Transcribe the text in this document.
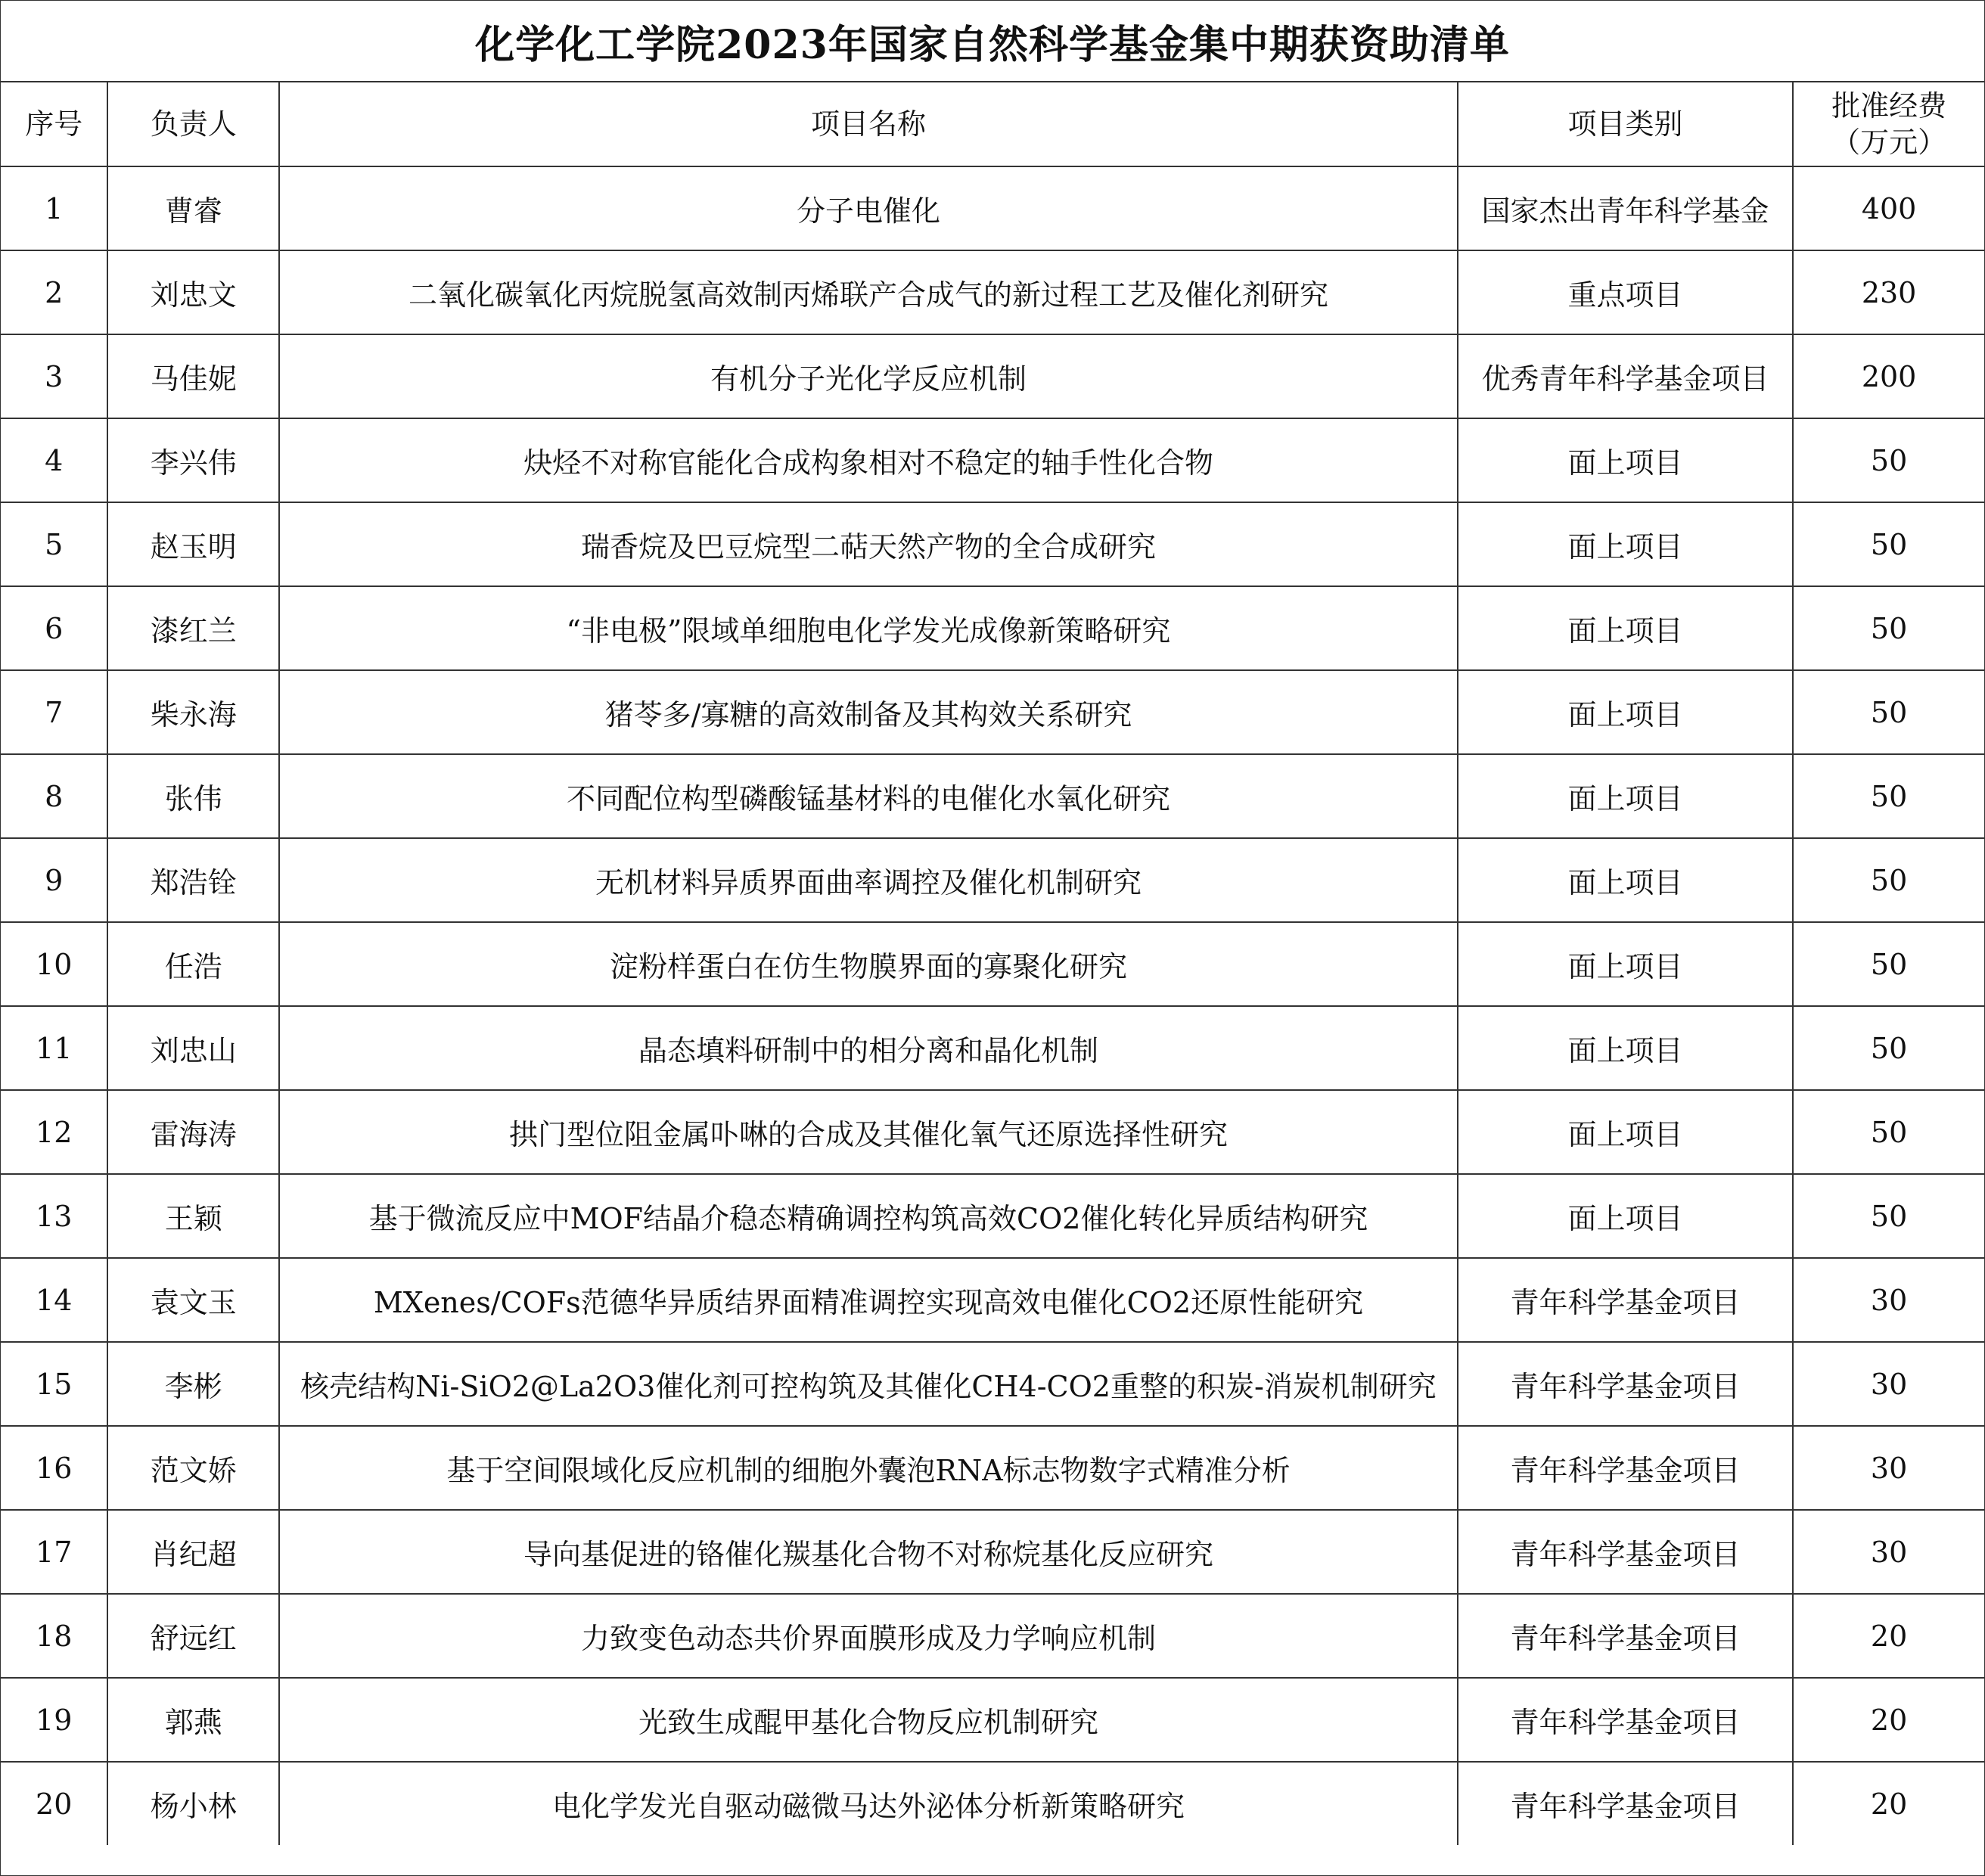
化学化工学院2023年国家自然科学基金集中期获资助清单
序号	负责人	项目名称	项目类别	批准经费
（万元）

1	曹睿	分子电催化	国家杰出青年科学基金	400
2	刘忠文	二氧化碳氧化丙烷脱氢高效制丙烯联产合成气的新过程工艺及催化剂研究	重点项目	230
3	马佳妮	有机分子光化学反应机制	优秀青年科学基金项目	200
4	李兴伟	炔烃不对称官能化合成构象相对不稳定的轴手性化合物	面上项目	50
5	赵玉明	瑞香烷及巴豆烷型二萜天然产物的全合成研究	面上项目	50
6	漆红兰	“非电极”限域单细胞电化学发光成像新策略研究	面上项目	50
7	柴永海	猪苓多/寡糖的高效制备及其构效关系研究	面上项目	50
8	张伟	不同配位构型磷酸锰基材料的电催化水氧化研究	面上项目	50
9	郑浩铨	无机材料异质界面曲率调控及催化机制研究	面上项目	50
10	任浩	淀粉样蛋白在仿生物膜界面的寡聚化研究	面上项目	50
11	刘忠山	晶态填料研制中的相分离和晶化机制	面上项目	50
12	雷海涛	拱门型位阻金属卟啉的合成及其催化氧气还原选择性研究	面上项目	50
13	王颖	基于微流反应中MOF结晶介稳态精确调控构筑高效CO2催化转化异质结构研究	面上项目	50
14	袁文玉	MXenes/COFs范德华异质结界面精准调控实现高效电催化CO2还原性能研究	青年科学基金项目	30
15	李彬	核壳结构Ni-SiO2@La2O3催化剂可控构筑及其催化CH4-CO2重整的积炭-消炭机制研究	青年科学基金项目	30
16	范文娇	基于空间限域化反应机制的细胞外囊泡RNA标志物数字式精准分析	青年科学基金项目	30
17	肖纪超	导向基促进的铬催化羰基化合物不对称烷基化反应研究	青年科学基金项目	30
18	舒远红	力致变色动态共价界面膜形成及力学响应机制	青年科学基金项目	20
19	郭燕	光致生成醌甲基化合物反应机制研究	青年科学基金项目	20
20	杨小林	电化学发光自驱动磁微马达外泌体分析新策略研究	青年科学基金项目	20
